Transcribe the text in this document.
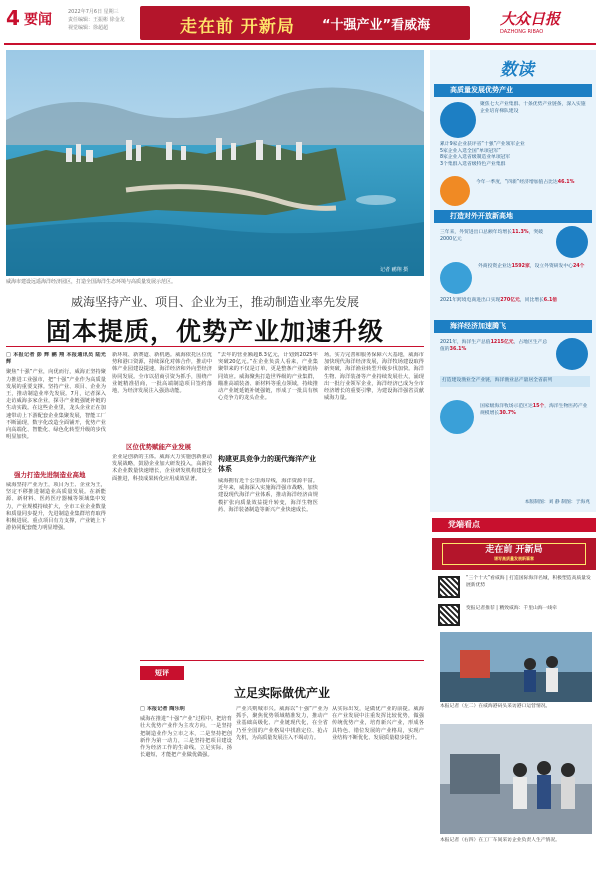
4 要闻	2022年7月6日 星期三
责任编辑：王振彬 徐金龙
视觉编辑：徐超超	走在前 开新局 “十强产业”看威海	大众日报
DAZHONG RIBAO
记者 鹂翔 摄
威海市建设远遥海洋经济园区，打造全国海洋生态环境与高质量发展示范区。
威海坚持产业、项目、企业为王，推动制造业率先发展
固本提质，优势产业加速升级
□ 本报记者 彭 辉 鹂 翔 本报通讯员 陆光辉

聚焦“十强”产业，向优而行，威海正坚持聚力推进工业强市，把“十强”产业作为高质量发展的重要支撑。坚持产业、项目、企业为王，推动制造业率先发展。7月，记者深入走访威海多家企业，探寻产业链强链补链的生动实践。在这些企业里，龙头企业正在加速带动上下游配套企业集聚发展，智能工厂不断涌现，数字化改造全面铺开，优势产业向高端化、智能化、绿色化转型升级的步伐明显加快。

强力打造先进制造业高地

威海坚持产业为王，项目为王、企业为王，坚定不移推进制造业高质量发展。在新能源、新材料、医药医疗器械等领域集中发力，产业规模持续扩大，全市工业企业数量和质量同步提升，先进制造业集群培育取得积极进展。重点项目有力支撑，产业链上下游协同配套能力明显增强。

新环境、新赛道、新机遇。威海依托区位优势和港口资源，持续深化对韩合作，推动中韩产业园建设提速，海洋经济和外向型经济协同发展。全市以招商引资为抓手，围绕产业链精准招商，一批高端制造项目签约落地，为经济发展注入强劲动能。

区位优势赋能产业发展

企业是创新的主体。威海大力实施创新驱动发展战略，鼓励企业加大研发投入，高新技术企业数量快速增长，企业研发机构建设全面推进，科技成果转化应用成效显著。

“去年的营业额超8.3亿元，计划到2025年突破20亿元。”在企业负责人看来，产业集聚带来的不仅是订单，更是整条产业链的协同效应。威海聚焦打造世界级的产业集群，瞄准高端装备、新材料等重点领域，持续推动产业链延链补链强链，形成了一批具有核心竞争力的龙头企业。

构建更具竞争力的现代海洋产业体系

威海拥有近千公里海岸线，海洋资源丰富。近年来，威海深入实施海洋强市战略，加快建设现代海洋产业体系，推动海洋经济由规模扩张向质量效益提升转变，海洋生物医药、海洋装备制造等新兴产业快速成长。

场。实力完善和服务保障六大基地，威海市加快现代海洋经济发展，海洋牧场建设取得新突破，海洋渔业转型升级步伐加快。海洋生物、海洋装备等产业持续发展壮大，涌现出一批行业领军企业，海洋经济已成为全市经济增长的重要引擎，为建设海洋强省贡献威海力量。

短评
立足实际做优产业
□ 本报记者 陶乐明

威海在推进“十强”产业“过程中，把培育壮大优势产业作为主攻方向，一是坚持把制造业作为立市之本，二是坚持把创新作为第一动力，三是坚持把项目建设作为经济工作的生命线。立足实际、扬长避短，才能把产业做优做强。

产业兴则城市兴。威海以“十强”产业为抓手，聚焦优势领域精准发力，推动产业基础高级化、产业链现代化，在全省乃至全国的产业格局中找准定位、抢占先机，为高质量发展注入不竭动力。

从实际出发，是做优产业的前提。威海在产业发展中注重发挥比较优势，做强传统优势产业，培育新兴产业，形成各具特色、错位发展的产业格局，实现产业结构不断优化、发展质量稳步提升。

数读
高质量发展优势产业
聚焦七大产业集群、十条优势产业链条，深入实施企业培育梯队建设
累计9家企业获评省“十强”产业领军企业
5家企业入选全国“单项冠军”
8家企业入选省级制造业单项冠军
3个集群入选省级特色产业集群
今年一季度，“四新”经济增加值占比达46.1%
打造对外开放新高地
三年来，外贸进出口总额年均增长11.3%，突破2000亿元
外商投资企业达1592家，设立外资研发中心24个
2021年跨境电商进出口实现270亿元，同比增长6.1倍
海洋经济加速腾飞
2021年，海洋生产总值1215亿元，占地区生产总值的36.1%
打造建设渔业全产业链，海洋渔业总产量居全省前列
国家级海洋牧场示范区达15个，海洋生物医药产业规模增长30.7%
本版制图：刘 静 制图：于海兆
党端看点
走在前 开新局
谱写高质量发展新篇章
“三个十大”看威海 | 打造国际海洋名城，积极塑造高质量发展新优势
变报记者推荐 | 精致威海：千里山海一线牵
本报记者（左二）在威海港码头采访港口运营情况。
本报记者（右四）在工厂车间采访企业负责人生产情况。
